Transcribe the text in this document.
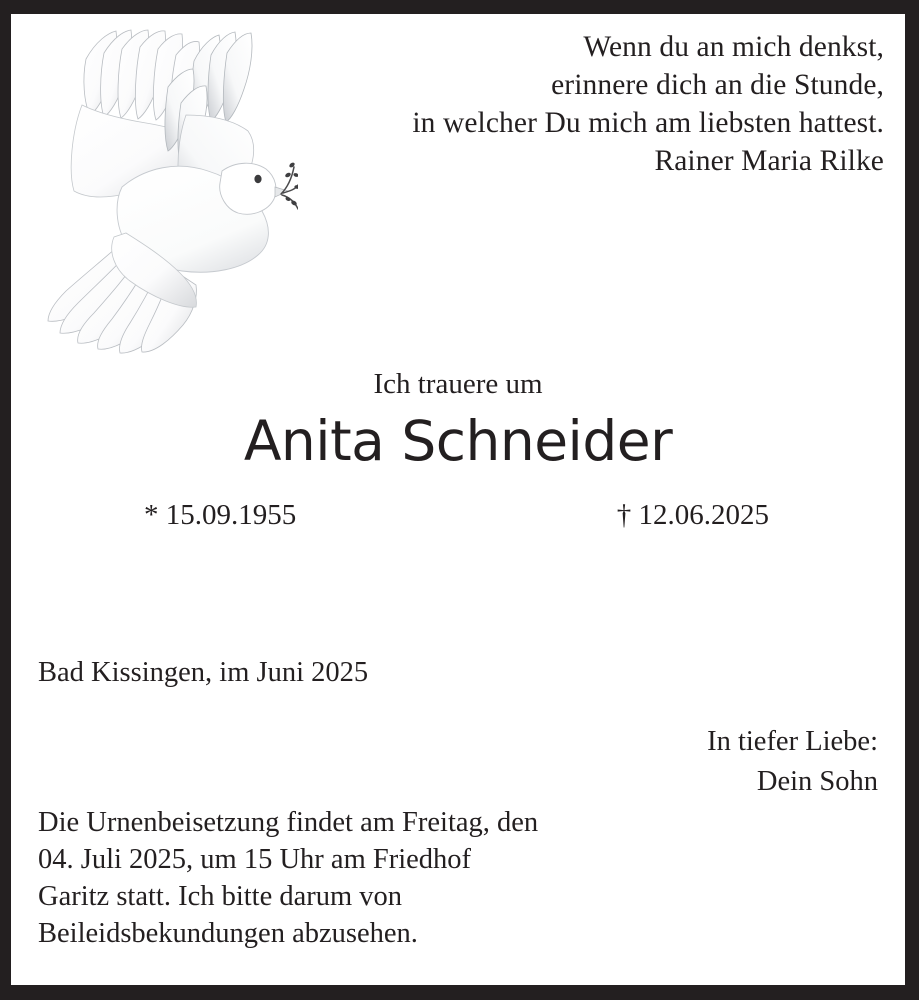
Wenn du an mich denkst,
erinnere dich an die Stunde,
in welcher Du mich am liebsten hattest.
Rainer Maria Rilke
Ich trauere um
Anita Schneider
* 15.09.1955	† 12.06.2025
Bad Kissingen, im Juni 2025
In tiefer Liebe:
Dein Sohn
Die Urnenbeisetzung findet am Freitag, den
04. Juli 2025, um 15 Uhr am Friedhof
Garitz statt. Ich bitte darum von
Beileidsbekundungen abzusehen.
